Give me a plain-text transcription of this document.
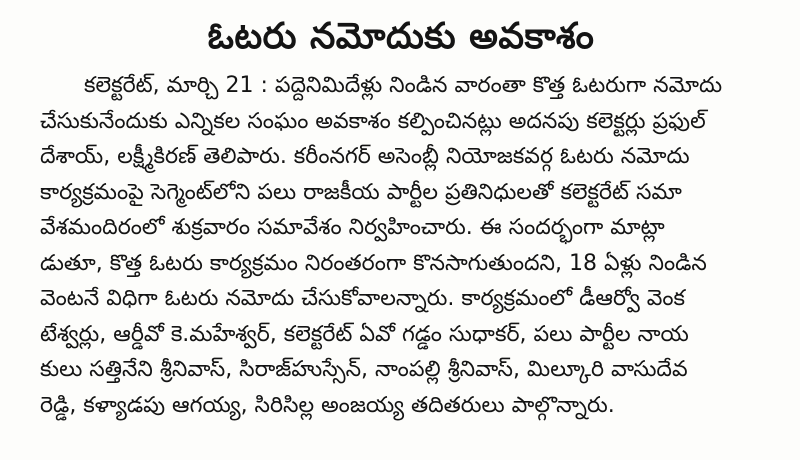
ఓటరు నమోదుకు అవకాశం
కలెక్టరేట్, మార్చి 21 : పద్దెనిమిదేళ్లు నిండిన వారంతా కొత్త ఓటరుగా నమోదు
చేసుకునేందుకు ఎన్నికల సంఘం అవకాశం కల్పించినట్లు అదనపు కలెక్టర్లు ప్రఫుల్
దేశాయ్, లక్ష్మీకిరణ్ తెలిపారు. కరీంనగర్ అసెంబ్లీ నియోజకవర్గ ఓటరు నమోదు
కార్యక్రమంపై సెగ్మెంట్‌లోని పలు రాజకీయ పార్టీల ప్రతినిధులతో కలెక్టరేట్ సమా
వేశమందిరంలో శుక్రవారం సమావేశం నిర్వహించారు. ఈ సందర్భంగా మాట్లా
డుతూ, కొత్త ఓటరు కార్యక్రమం నిరంతరంగా కొనసాగుతుందని, 18 ఏళ్లు నిండిన
వెంటనే విధిగా ఓటరు నమోదు చేసుకోవాలన్నారు. కార్యక్రమంలో డీఆర్వో వెంక
టేశ్వర్లు, ఆర్డీవో కె.మహేశ్వర్, కలెక్టరేట్ ఏవో గడ్డం సుధాకర్, పలు పార్టీల నాయ
కులు సత్తినేని శ్రీనివాస్, సిరాజ్‌హుస్సేన్, నాంపల్లి శ్రీనివాస్, మిల్కూరి వాసుదేవ
రెడ్డి, కళ్యాడపు ఆగయ్య, సిరిసిల్ల అంజయ్య తదితరులు పాల్గొన్నారు.
